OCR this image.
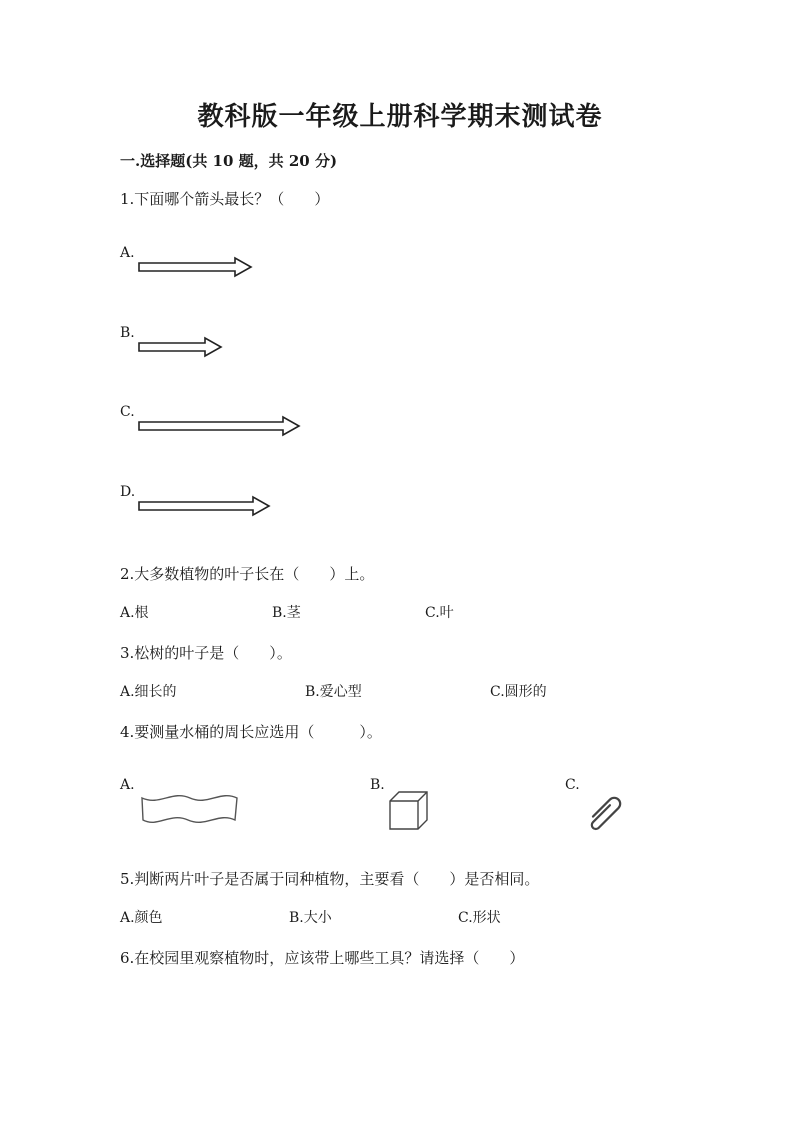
教科版一年级上册科学期末测试卷
一.选择题(共 10 题，共 20 分)
1.下面哪个箭头最长？（　　）
A.
B.
C.
D.
2.大多数植物的叶子长在（　　）上。
A.根	B.茎	C.叶
3.松树的叶子是（　　）。
A.细长的	B.爱心型	C.圆形的
4.要测量水桶的周长应选用（　　　）。
A.	B.	C.
5.判断两片叶子是否属于同种植物，主要看（　　）是否相同。
A.颜色	B.大小	C.形状
6.在校园里观察植物时，应该带上哪些工具？请选择（　　）
